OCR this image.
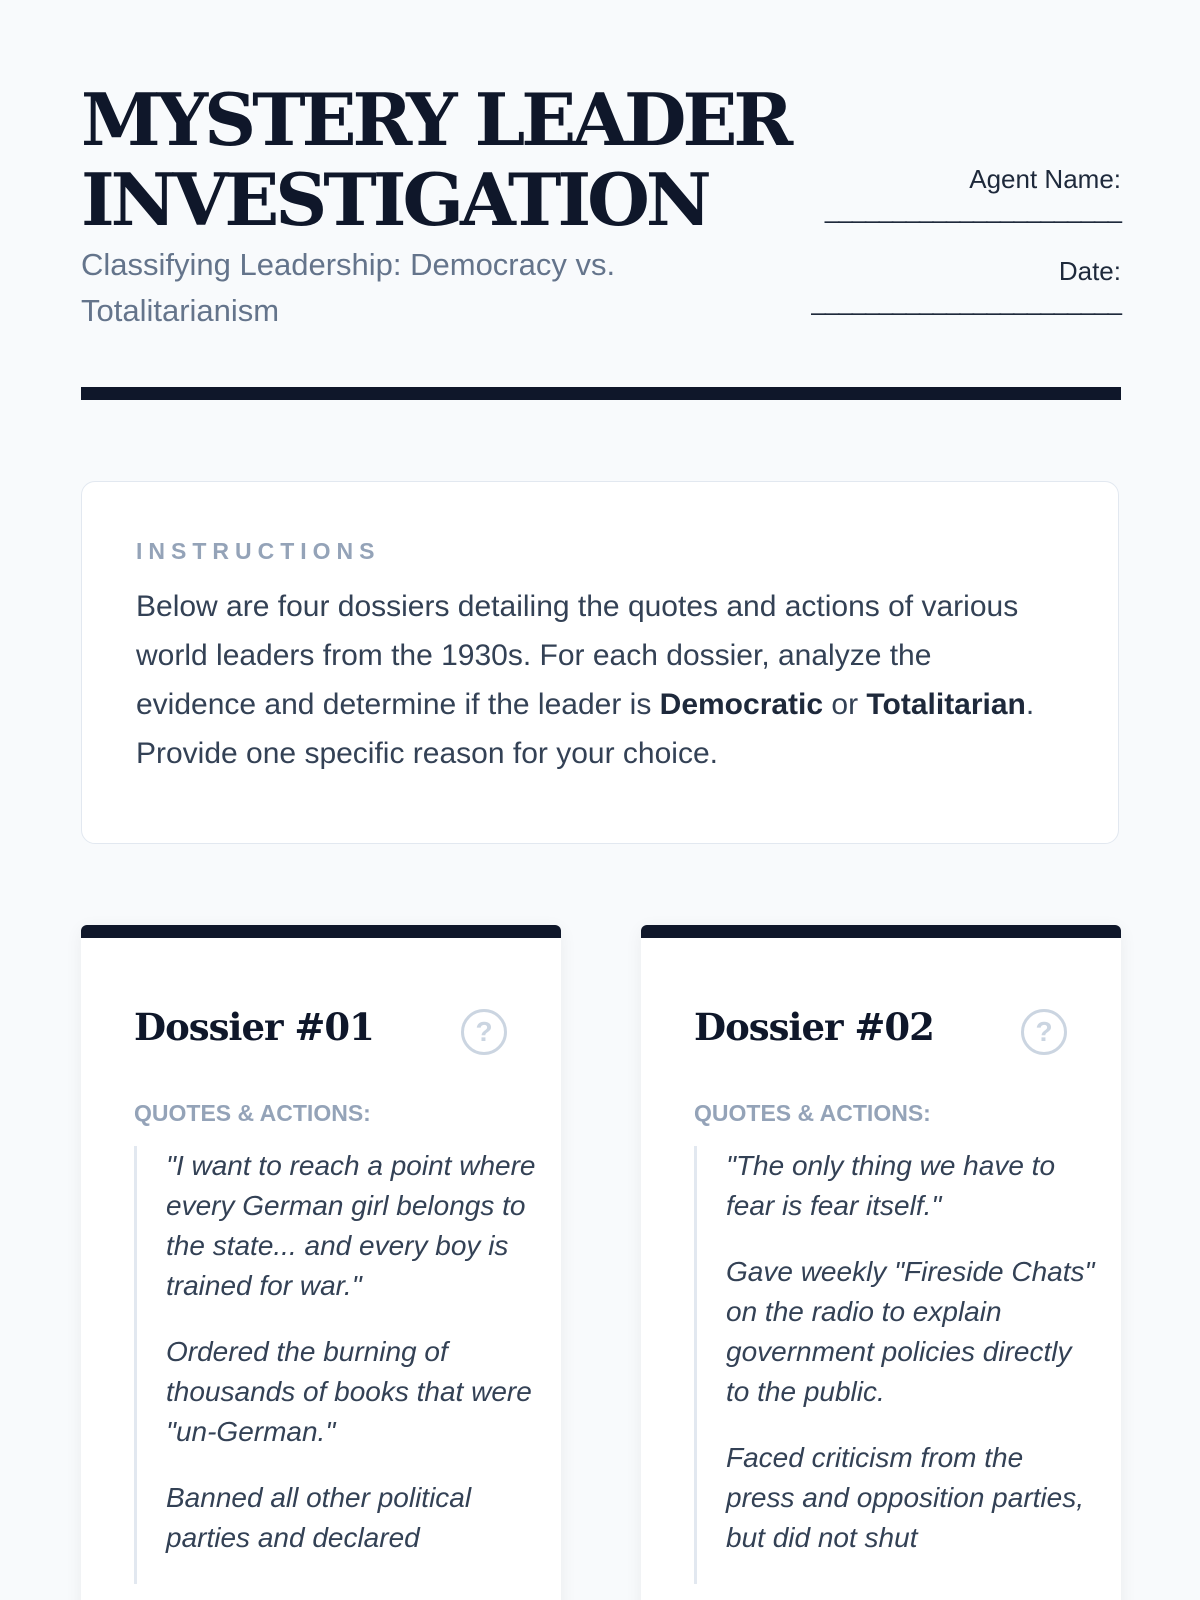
MYSTERY LEADER
INVESTIGATION
Classifying Leadership: Democracy vs. Totalitarianism
Agent Name:
______________________
Date:
_______________________
INSTRUCTIONS

Below are four dossiers detailing the quotes and actions of various world leaders from the 1930s. For each dossier, analyze the evidence and determine if the leader is Democratic or Totalitarian. Provide one specific reason for your choice.

Dossier #01	?
QUOTES & ACTIONS:

"I want to reach a point where every German girl belongs to the state... and every boy is trained for war."

Ordered the burning of thousands of books that were "un-German."

Banned all other political parties and declared

Dossier #02	?
QUOTES & ACTIONS:

"The only thing we have to fear is fear itself."

Gave weekly "Fireside Chats" on the radio to explain government policies directly to the public.

Faced criticism from the press and opposition parties, but did not shut
